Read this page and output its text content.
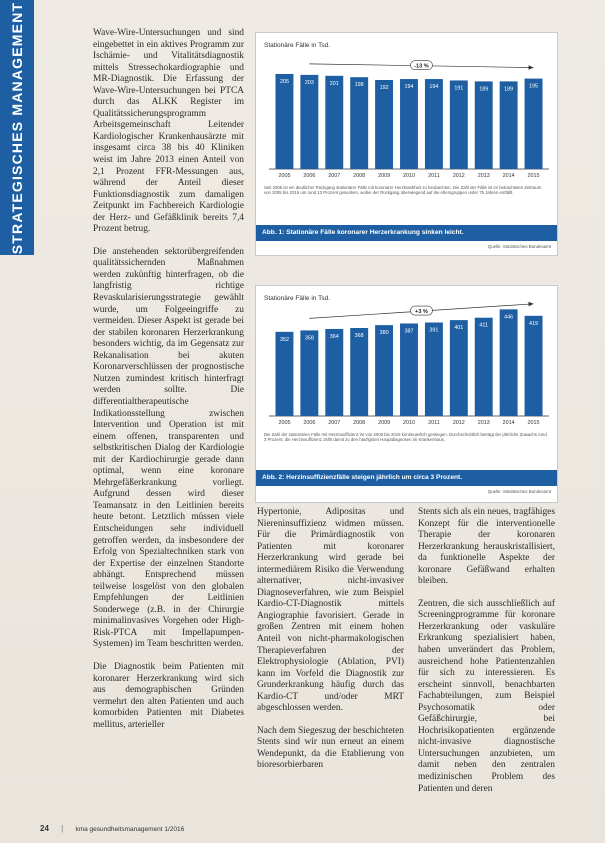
STRATEGISCHES MANAGEMENT	Wave-Wire-Untersuchungen und sind eingebettet in ein aktives Programm zur Ischämie- und Vitalitätsdiagnostik mittels Stressechokardiographie und MR-Diagnostik. Die Erfassung der Wave-Wire-Untersuchungen bei PTCA durch das ALKK Register im Qualitätssicherungsprogramm Arbeitsgemeinschaft Leitender Kardiologischer Krankenhausärzte mit insgesamt circa 38 bis 40 Kliniken weist im Jahre 2013 einen Anteil von 2,1 Prozent FFR-Messungen aus, während der Anteil dieser Funktionsdiagnostik zum damaligen Zeitpunkt im Fachbereich Kardiologie der Herz- und Gefäßklinik bereits 7,4 Prozent betrug.

Die anstehenden sektorübergreifenden qualitätssichernden Maßnahmen werden zukünftig hinterfragen, ob die langfristig richtige Revaskularisierungsstrategie gewählt wurde, um Folgeeingriffe zu vermeiden. Dieser Aspekt ist gerade bei der stabilen koronaren Herzerkrankung besonders wichtig, da im Gegensatz zur Rekanalisation bei akuten Koronarverschlüssen der prognostische Nutzen zumindest kritisch hinterfragt werden sollte. Die differentialtherapeutische Indikationsstellung zwischen Intervention und Operation ist mit einem offenen, transparenten und selbstkritischen Dialog der Kardiologie mit der Kardiochirurgie gerade dann optimal, wenn eine koronare Mehrgefäßerkrankung vorliegt. Aufgrund dessen wird dieser Teamansatz in den Leitlinien bereits heute betont. Letztlich müssen viele Entscheidungen sehr individuell getroffen werden, da insbesondere der Erfolg von Spezialtechniken stark von der Expertise der einzelnen Standorte abhängt. Entsprechend müssen teilweise losgelöst von den globalen Empfehlungen der Leitlinien Sonderwege (z.B. in der Chirurgie minimalinvasives Vorgehen oder High-Risk-PTCA mit Impellapumpen-Systemen) im Team beschritten werden.

Die Diagnostik beim Patienten mit koronarer Herzerkrankung wird sich aus demographischen Gründen vermehrt den alten Patienten und auch komorbiden Patienten mit Diabetes mellitus, arterieller

Stationäre Fälle in Tsd.
205
2005
203
2006
201
2007
198
2008
192
2009
194
2010
194
2011
191
2012
189
2013
189
2014
195
2015
-13 %
Seit 2005 ist ein deutlicher Rückgang stationärer Fälle mit koronarer Herzkrankheit zu beobachten. Die Zahl der Fälle ist im betrachteten Zeitraum von 2005 bis 2015 um rund 13 Prozent gesunken, wobei der Rückgang überwiegend auf die Altersgruppen unter 75 Jahren entfällt.
Abb. 1: Stationäre Fälle koronarer Herzerkrankung sinken leicht.
Quelle: Statistisches Bundesamt
Stationäre Fälle in Tsd.
352
2005
358
2006
364
2007
368
2008
380
2009
387
2010
391
2011
401
2012
411
2013
446
2014
419
2015
+3 %
Die Zahl der stationären Fälle mit Herzinsuffizienz ist von 2005 bis 2015 kontinuierlich gestiegen. Durchschnittlich beträgt der jährliche Zuwachs rund 3 Prozent; die Herzinsuffizienz zählt damit zu den häufigsten Hauptdiagnosen im Krankenhaus.
Abb. 2: Herzinsuffizienzfälle steigen jährlich um circa 3 Prozent.
Quelle: Statistisches Bundesamt

Hypertonie, Adipositas und Niereninsuffizienz widmen müssen. Für die Primärdiagnostik von Patienten mit koronarer Herzerkrankung wird gerade bei intermediärem Risiko die Verwendung alternativer, nicht-invasiver Diagnoseverfahren, wie zum Beispiel Kardio-CT-Diagnostik mittels Angiographie favorisiert. Gerade in großen Zentren mit einem hohen Anteil von nicht-pharmakologischen Therapieverfahren der Elektrophysiologie (Ablation, PVI) kann im Vorfeld die Diagnostik zur Grunderkrankung häufig durch das Kardio-CT und/oder MRT abgeschlossen werden.

Nach dem Siegeszug der beschichteten Stents sind wir nun erneut an einem Wendepunkt, da die Etablierung von bioresorbierbaren

Stents sich als ein neues, tragfähiges Konzept für die interventionelle Therapie der koronaren Herzerkrankung herauskristallisiert, da funktionelle Aspekte der koronare Gefäßwand erhalten bleiben.

Zentren, die sich ausschließlich auf Screeningprogramme für koronare Herzerkrankung oder vaskuläre Erkrankung spezialisiert haben, haben unverändert das Problem, ausreichend hohe Patientenzahlen für sich zu interessieren. Es erscheint sinnvoll, benachbarten Fachabteilungen, zum Beispiel Psychosomatik oder Gefäßchirurgie, bei Hochrisikopatienten ergänzende nicht-invasive diagnostische Untersuchungen anzubieten, um damit neben den zentralen medizinischen Problem des Patienten und deren

24 | kma gesundheitsmanagement 1/2016
